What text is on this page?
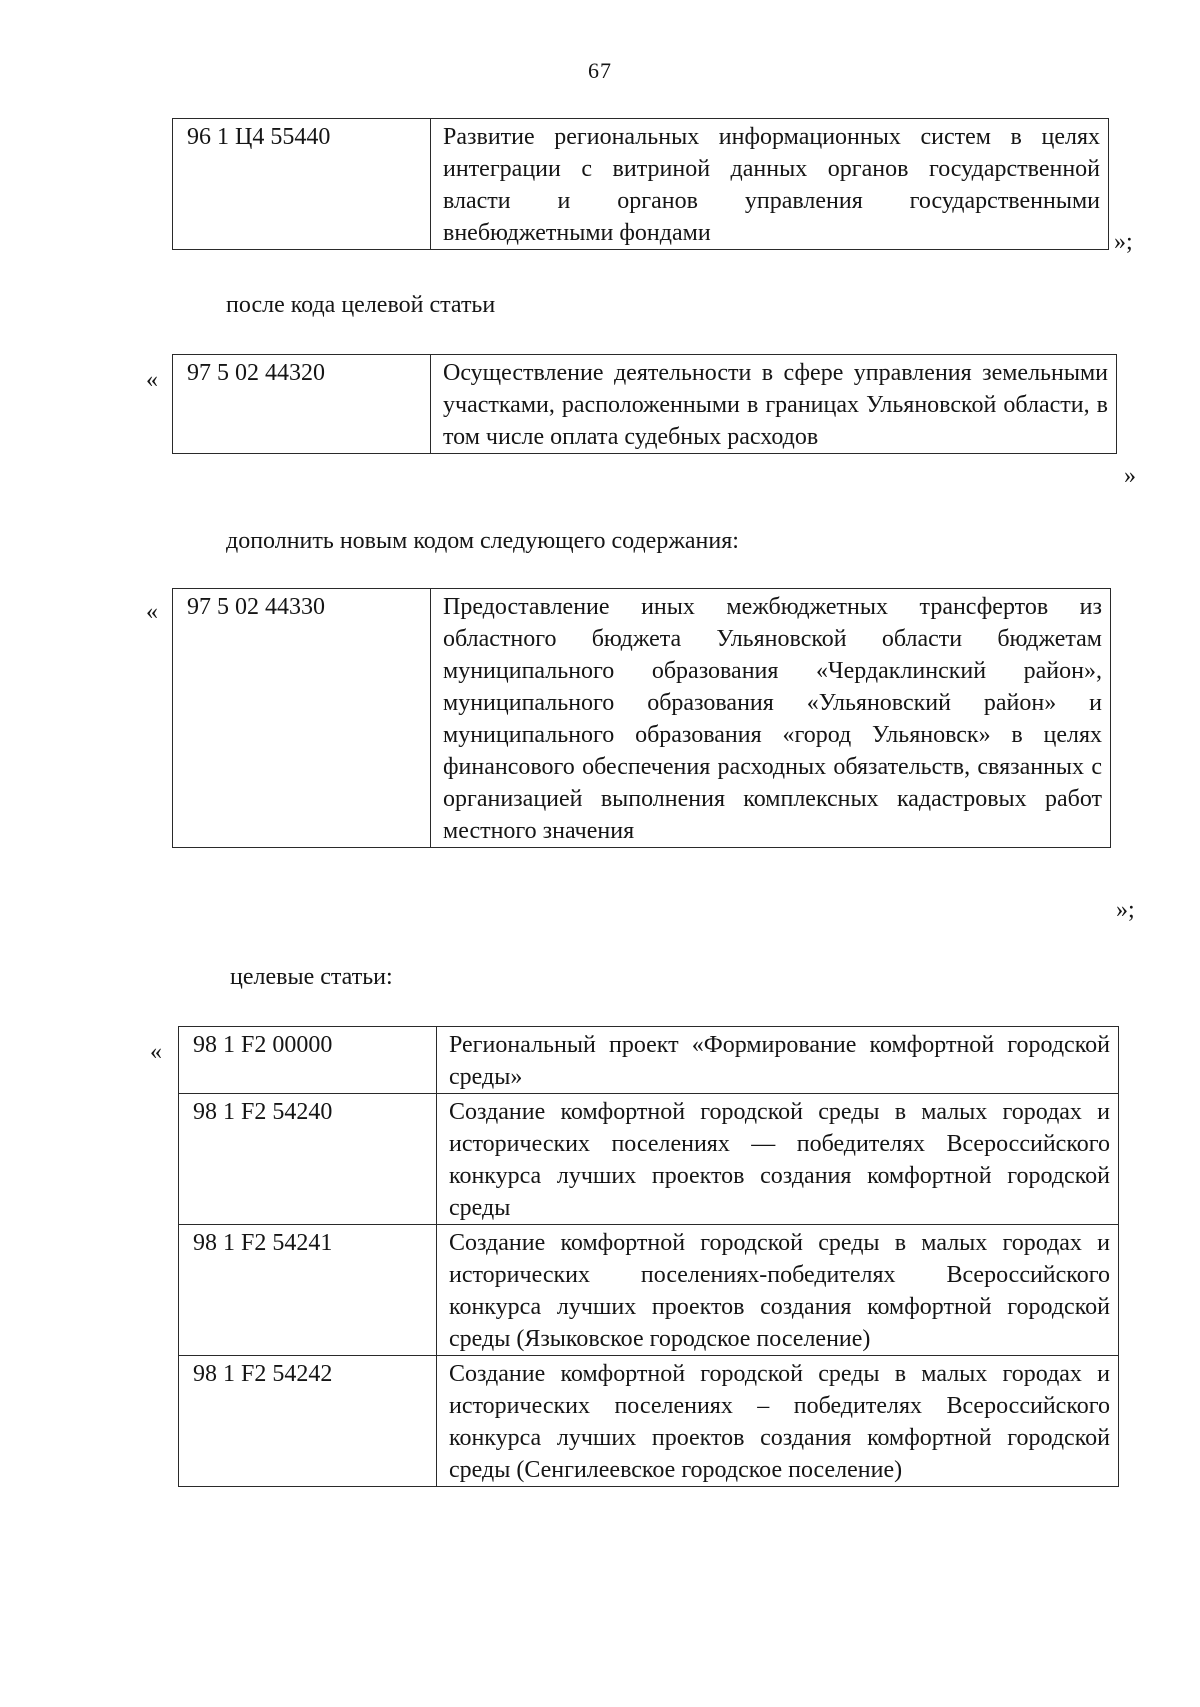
67
96 1 Ц4 55440	Развитие региональных информационных систем в целях интеграции с витриной данных органов государственной власти и органов управления государственными внебюджетными фондами	»;
после кода целевой статьи
« 97 5 02 44320	Осуществление деятельности в сфере управления земельными участками, расположенными в границах Ульяновской области, в том числе оплата судебных расходов
»
дополнить новым кодом следующего содержания:
« 97 5 02 44330	Предоставление иных межбюджетных трансфертов из областного бюджета Ульяновской области бюджетам муниципального образования «Чердаклинский район», муниципального образования «Ульяновский район» и муниципального образования «город Ульяновск» в целях финансового обеспечения расходных обязательств, связанных с организацией выполнения комплексных кадастровых работ местного значения
»;
целевые статьи:
« 98 1 F2 00000	Региональный проект «Формирование комфортной городской среды»
98 1 F2 54240	Создание комфортной городской среды в малых городах и исторических поселениях — победителях Всероссийского конкурса лучших проектов создания комфортной городской среды
98 1 F2 54241	Создание комфортной городской среды в малых городах и исторических поселениях-победителях Всероссийского конкурса лучших проектов создания комфортной городской среды (Языковское городское поселение)
98 1 F2 54242	Создание комфортной городской среды в малых городах и исторических поселениях – победителях Всероссийского конкурса лучших проектов создания комфортной городской среды (Сенгилеевское городское поселение)
